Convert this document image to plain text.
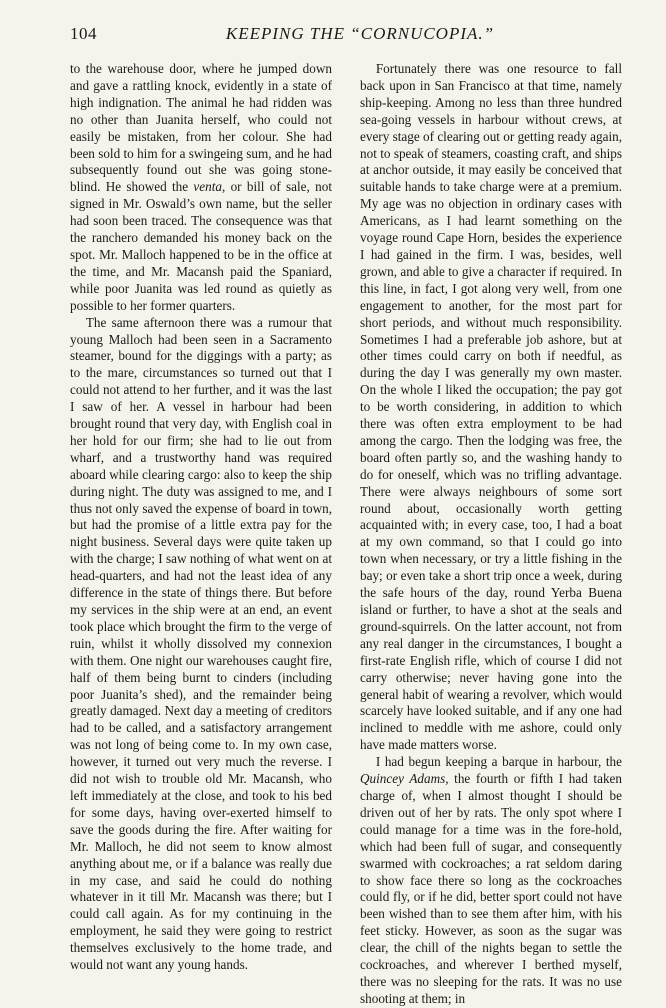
104	KEEPING THE “CORNUCOPIA.”

to the warehouse door, where he jumped down and gave a rattling knock, evidently in a state of high indignation. The animal he had ridden was no other than Juanita herself, who could not easily be mistaken, from her colour. She had been sold to him for a swingeing sum, and he had subsequently found out she was going stone-blind. He showed the venta, or bill of sale, not signed in Mr. Oswald’s own name, but the seller had soon been traced. The consequence was that the ranchero demanded his money back on the spot. Mr. Malloch happened to be in the office at the time, and Mr. Macansh paid the Spaniard, while poor Juanita was led round as quietly as possible to her former quarters.

The same afternoon there was a rumour that young Malloch had been seen in a Sacramento steamer, bound for the diggings with a party; as to the mare, circumstances so turned out that I could not attend to her further, and it was the last I saw of her. A vessel in harbour had been brought round that very day, with English coal in her hold for our firm; she had to lie out from wharf, and a trustworthy hand was required aboard while clearing cargo: also to keep the ship during night. The duty was assigned to me, and I thus not only saved the expense of board in town, but had the promise of a little extra pay for the night business. Several days were quite taken up with the charge; I saw nothing of what went on at head-quarters, and had not the least idea of any difference in the state of things there. But before my services in the ship were at an end, an event took place which brought the firm to the verge of ruin, whilst it wholly dissolved my connexion with them. One night our warehouses caught fire, half of them being burnt to cinders (including poor Juanita’s shed), and the remainder being greatly damaged. Next day a meeting of creditors had to be called, and a satisfactory arrangement was not long of being come to. In my own case, however, it turned out very much the reverse. I did not wish to trouble old Mr. Macansh, who left immediately at the close, and took to his bed for some days, having over-exerted himself to save the goods during the fire. After waiting for Mr. Malloch, he did not seem to know almost anything about me, or if a balance was really due in my case, and said he could do nothing whatever in it till Mr. Macansh was there; but I could call again. As for my continuing in the employment, he said they were going to restrict themselves exclusively to the home trade, and would not want any young hands.

Fortunately there was one resource to fall back upon in San Francisco at that time, namely ship-keeping. Among no less than three hundred sea-going vessels in harbour without crews, at every stage of clearing out or getting ready again, not to speak of steamers, coasting craft, and ships at anchor outside, it may easily be conceived that suitable hands to take charge were at a premium. My age was no objection in ordinary cases with Americans, as I had learnt something on the voyage round Cape Horn, besides the experience I had gained in the firm. I was, besides, well grown, and able to give a character if required. In this line, in fact, I got along very well, from one engagement to another, for the most part for short periods, and without much responsibility. Sometimes I had a preferable job ashore, but at other times could carry on both if needful, as during the day I was generally my own master. On the whole I liked the occupation; the pay got to be worth considering, in addition to which there was often extra employment to be had among the cargo. Then the lodging was free, the board often partly so, and the washing handy to do for oneself, which was no trifling advantage. There were always neighbours of some sort round about, occasionally worth getting acquainted with; in every case, too, I had a boat at my own command, so that I could go into town when necessary, or try a little fishing in the bay; or even take a short trip once a week, during the safe hours of the day, round Yerba Buena island or further, to have a shot at the seals and ground-squirrels. On the latter account, not from any real danger in the circumstances, I bought a first-rate English rifle, which of course I did not carry otherwise; never having gone into the general habit of wearing a revolver, which would scarcely have looked suitable, and if any one had inclined to meddle with me ashore, could only have made matters worse.

I had begun keeping a barque in harbour, the Quincey Adams, the fourth or fifth I had taken charge of, when I almost thought I should be driven out of her by rats. The only spot where I could manage for a time was in the fore-hold, which had been full of sugar, and consequently swarmed with cockroaches; a rat seldom daring to show face there so long as the cockroaches could fly, or if he did, better sport could not have been wished than to see them after him, with his feet sticky. However, as soon as the sugar was clear, the chill of the nights began to settle the cockroaches, and wherever I berthed myself, there was no sleeping for the rats. It was no use shooting at them; in
